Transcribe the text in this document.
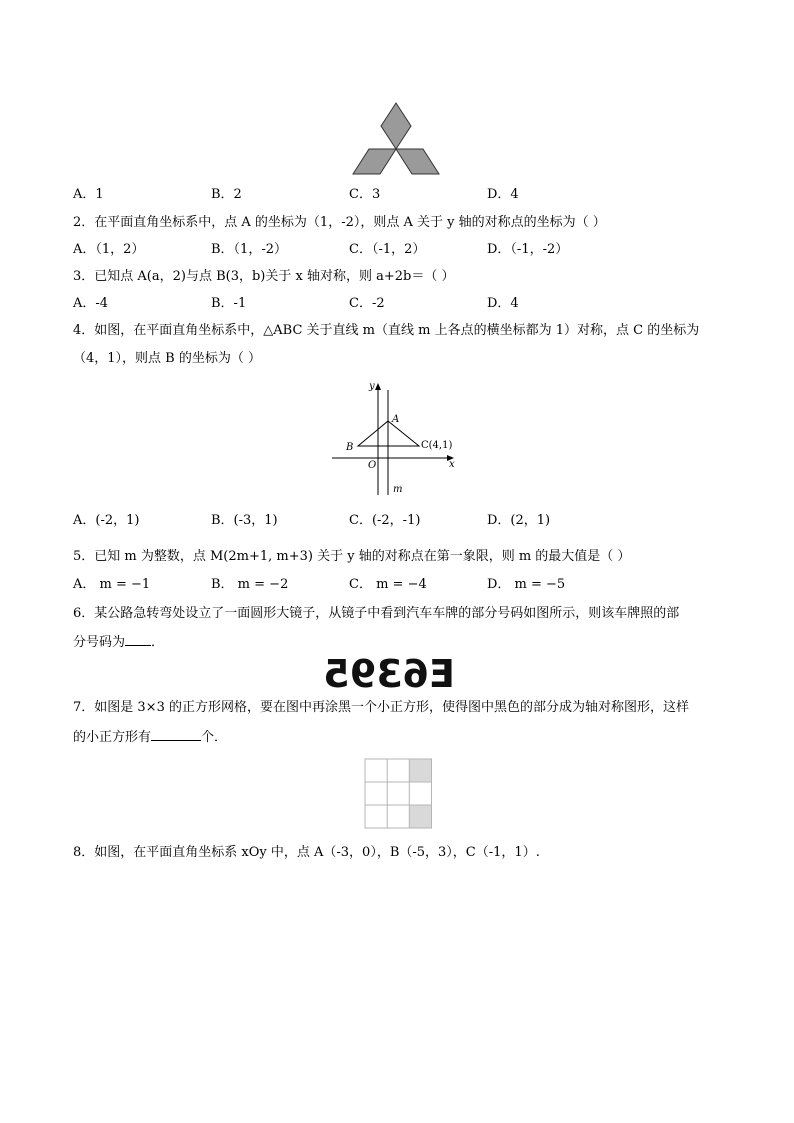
A．1	B．2	C．3	D．4
2．在平面直角坐标系中，点 A 的坐标为（1，-2），则点 A 关于 y 轴的对称点的坐标为（ ）
A．（1，2）	B．（1，-2）	C．（-1，2）	D．（-1，-2）
3．已知点 A(a，2)与点 B(3，b)关于 x 轴对称，则 a+2b＝（ ）
A．-4	B．-1	C．-2	D．4
4．如图，在平面直角坐标系中，△ABC 关于直线 m（直线 m 上各点的横坐标都为 1）对称，点 C 的坐标为
（4，1），则点 B 的坐标为（ ）
y
x
O
A
B	C(4,1)
m
A．(-2，1)	B．(-3，1)	C．(-2，-1)	D．(2，1)
5．已知 m 为整数，点 M(2m+1, m+3) 关于 y 轴的对称点在第一象限，则 m 的最大值是（ ）
A． m = −1	B． m = −2	C． m = −4	D． m = −5
6．某公路急转弯处设立了一面圆形大镜子，从镜子中看到汽车车牌的部分号码如图所示，则该车牌照的部
分号码为 ．
E6395
7．如图是 3×3 的正方形网格，要在图中再涂黑一个小正方形，使得图中黑色的部分成为轴对称图形，这样
的小正方形有	个．
8．如图，在平面直角坐标系 xOy 中，点 A（-3，0），B（-5，3），C（-1，1）.
